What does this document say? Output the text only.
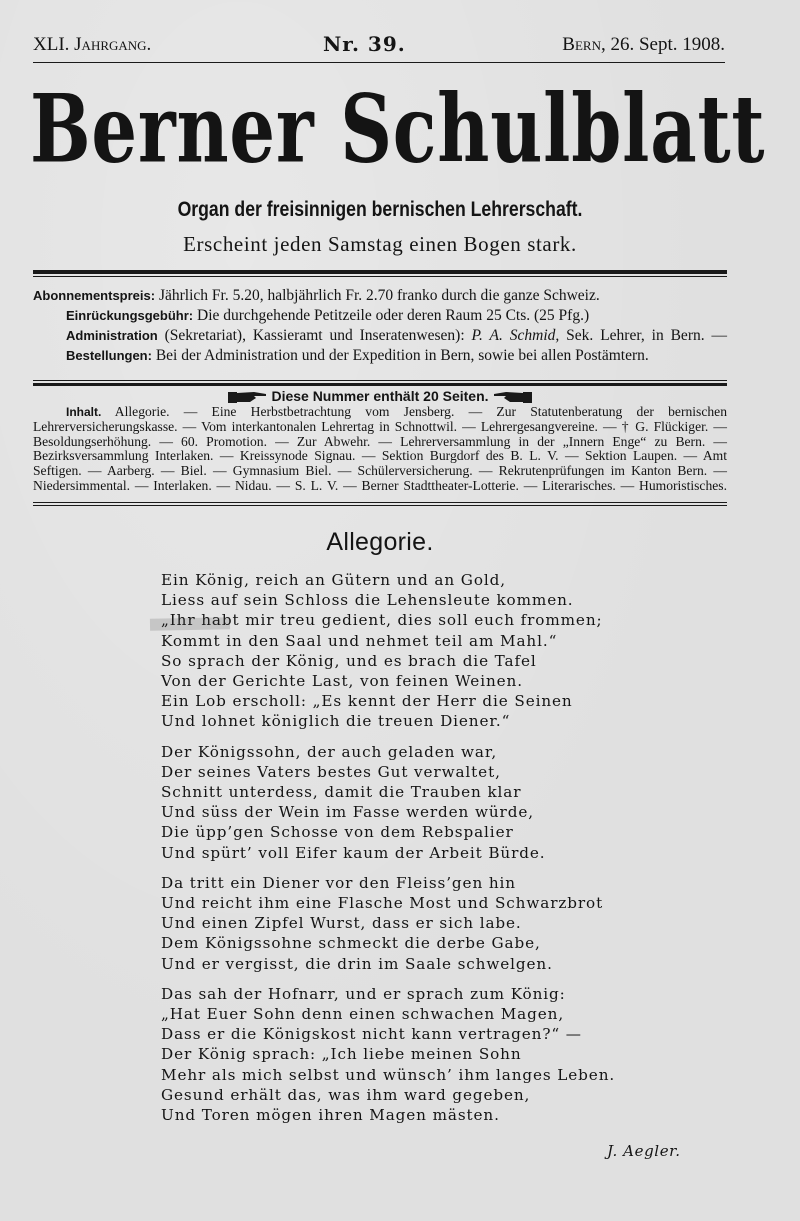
XLI. Jahrgang.	Nr. 39.	Bern, 26. Sept. 1908.
Berner Schulblatt
Organ der freisinnigen bernischen Lehrerschaft.
Erscheint jeden Samstag einen Bogen stark.

Abonnementspreis: Jährlich Fr. 5.20, halbjährlich Fr. 2.70 franko durch die ganze Schweiz.

Einrückungsgebühr: Die durchgehende Petitzeile oder deren Raum 25 Cts. (25 Pfg.)

Administration (Sekretariat), Kassieramt und Inseratenwesen): P. A. Schmid, Sek. Lehrer, in Bern. — Bestellungen: Bei der Administration und der Expedition in Bern, sowie bei allen Postämtern.

Diese Nummer enthält 20 Seiten.
Inhalt. Allegorie. — Eine Herbstbetrachtung vom Jensberg. — Zur Statutenberatung der bernischen Lehrerversicherungskasse. — Vom interkantonalen Lehrertag in Schnottwil. — Lehrergesangvereine. — † G. Flückiger. — Besoldungserhöhung. — 60. Promotion. — Zur Abwehr. — Lehrerversammlung in der „Innern Enge“ zu Bern. — Bezirksversammlung Interlaken. — Kreissynode Signau. — Sektion Burgdorf des B. L. V. — Sektion Laupen. — Amt Seftigen. — Aarberg. — Biel. — Gymnasium Biel. — Schülerversicherung. — Rekrutenprüfungen im Kanton Bern. — Niedersimmental. — Interlaken. — Nidau. — S. L. V. — Berner Stadttheater-Lotterie. — Literarisches. — Humoristisches.
Allegorie.
Ein König, reich an Gütern und an Gold,
Liess auf sein Schloss die Lehensleute kommen.
„Ihr habt mir treu gedient, dies soll euch frommen;
Kommt in den Saal und nehmet teil am Mahl.“
So sprach der König, und es brach die Tafel
Von der Gerichte Last, von feinen Weinen.
Ein Lob erscholl: „Es kennt der Herr die Seinen
Und lohnet königlich die treuen Diener.“
Der Königssohn, der auch geladen war,
Der seines Vaters bestes Gut verwaltet,
Schnitt unterdess, damit die Trauben klar
Und süss der Wein im Fasse werden würde,
Die üpp’gen Schosse von dem Rebspalier
Und spürt’ voll Eifer kaum der Arbeit Bürde.
Da tritt ein Diener vor den Fleiss’gen hin
Und reicht ihm eine Flasche Most und Schwarzbrot
Und einen Zipfel Wurst, dass er sich labe.
Dem Königssohne schmeckt die derbe Gabe,
Und er vergisst, die drin im Saale schwelgen.
Das sah der Hofnarr, und er sprach zum König:
„Hat Euer Sohn denn einen schwachen Magen,
Dass er die Königskost nicht kann vertragen?“ —
Der König sprach: „Ich liebe meinen Sohn
Mehr als mich selbst und wünsch’ ihm langes Leben.
Gesund erhält das, was ihm ward gegeben,
Und Toren mögen ihren Magen mästen.
J. Aegler.
